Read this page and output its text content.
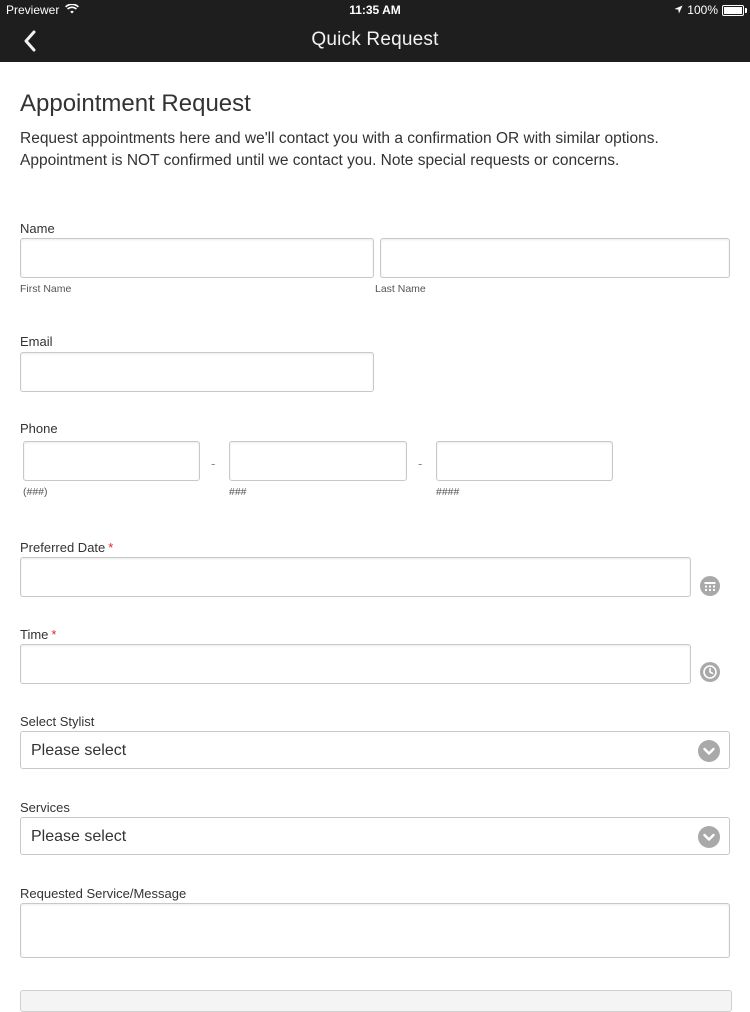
Previewer	11:35 AM	100%
Quick Request
Appointment Request
Request appointments here and we'll contact you with a confirmation OR with similar options.
Appointment is NOT confirmed until we contact you. Note special requests or concerns.
Name
First Name	Last Name
Email
Phone
-	-
(###)	###	####
Preferred Date *
Time *
Select Stylist
Please select
Services
Please select
Requested Service/Message
